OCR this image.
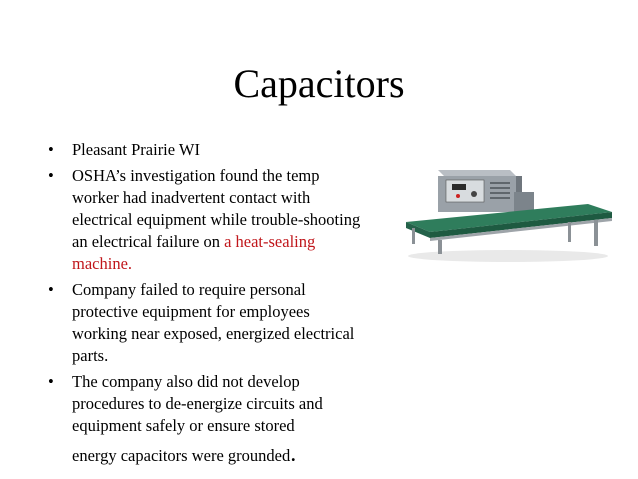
Capacitors
• Pleasant Prairie WI
• OSHA’s investigation found the temp worker had inadvertent contact with electrical equipment while trouble-shooting an electrical failure on a heat-sealing machine.
• Company failed to require personal protective equipment for employees working near exposed, energized electrical parts.
• The company also did not develop procedures to de-energize circuits and equipment safely or ensure stored energy capacitors were grounded.
